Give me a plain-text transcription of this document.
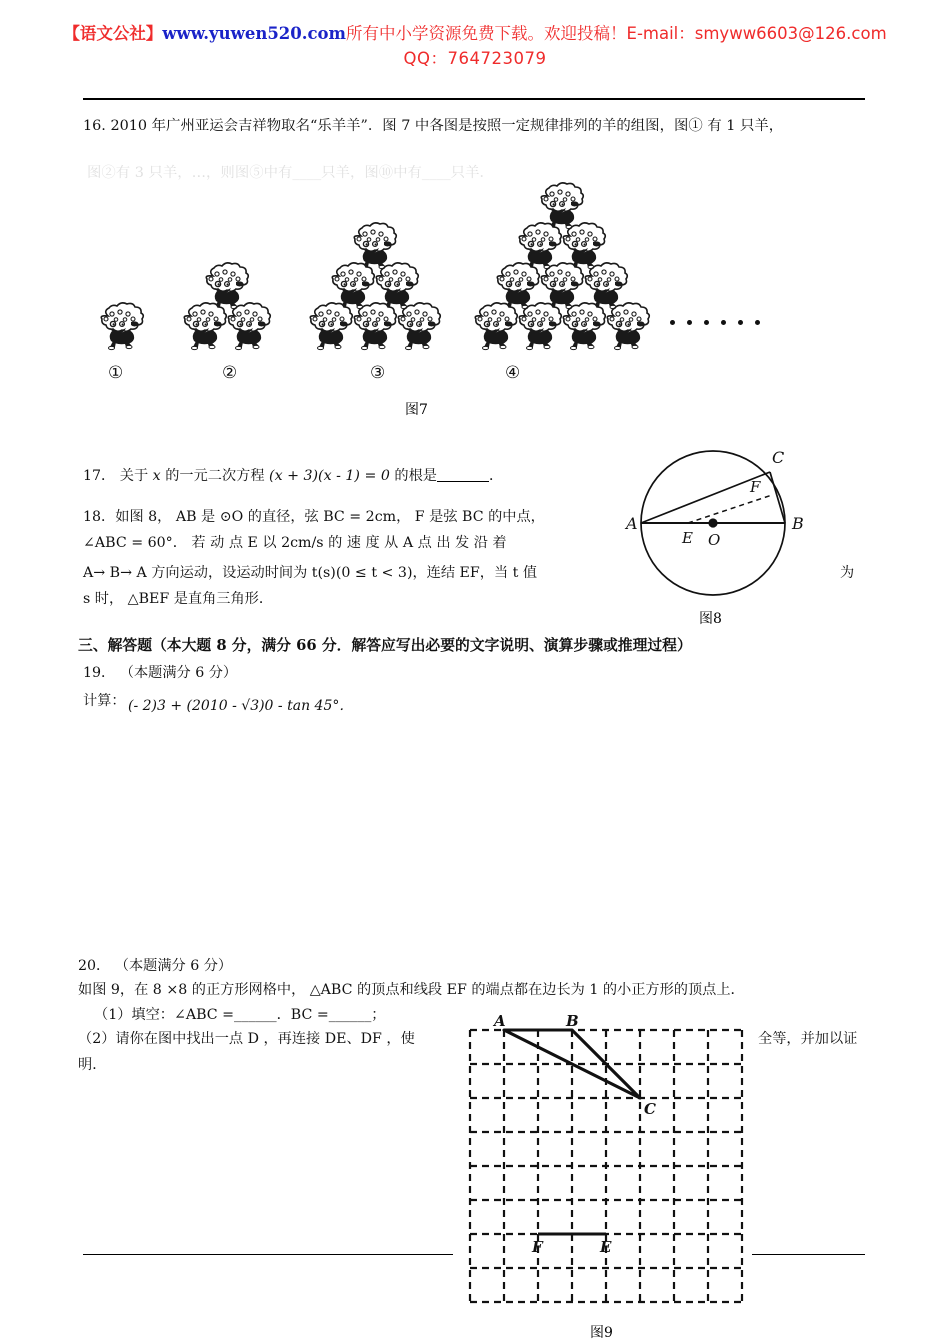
【语文公社】www.yuwen520.com所有中小学资源免费下载。欢迎投稿！E-mail：smyww6603@126.com
QQ：764723079
16. 2010 年广州亚运会吉祥物取名“乐羊羊”．图 7 中各图是按照一定规律排列的羊的组图，图① 有 1 只羊，
图②有 3 只羊，…，则图⑤中有____只羊，图⑩中有____只羊．
①	②	③	④
图7
17． 关于 x 的一元二次方程 (x + 3)(x - 1) = 0 的根是	．
18．如图 8， AB 是 ⊙O 的直径，弦 BC = 2cm， F 是弦 BC 的中点，
∠ABC = 60°． 若 动 点 E 以 2cm/s 的 速 度 从 A 点 出 发 沿 着
A→ B→ A 方向运动，设运动时间为 t(s)(0 ≤ t < 3)，连结 EF，当 t 值	为
s 时， △BEF 是直角三角形．
A	B
C
F
E O
图8
三、解答题（本大题 8 分，满分 66 分．解答应写出必要的文字说明、演算步骤或推理过程）
19． （本题满分 6 分）
计算： (- 2)3 + (2010 - √3)0 - tan 45°．
20． （本题满分 6 分）
如图 9，在 8 ×8 的正方形网格中， △ABC 的顶点和线段 EF 的端点都在边长为 1 的小正方形的顶点上．
（1）填空：∠ABC =______．BC =______；
（2）请你在图中找出一点 D ，再连接 DE、DF ，使	全等，并加以证
明．
A	B
C
F	E
图9
